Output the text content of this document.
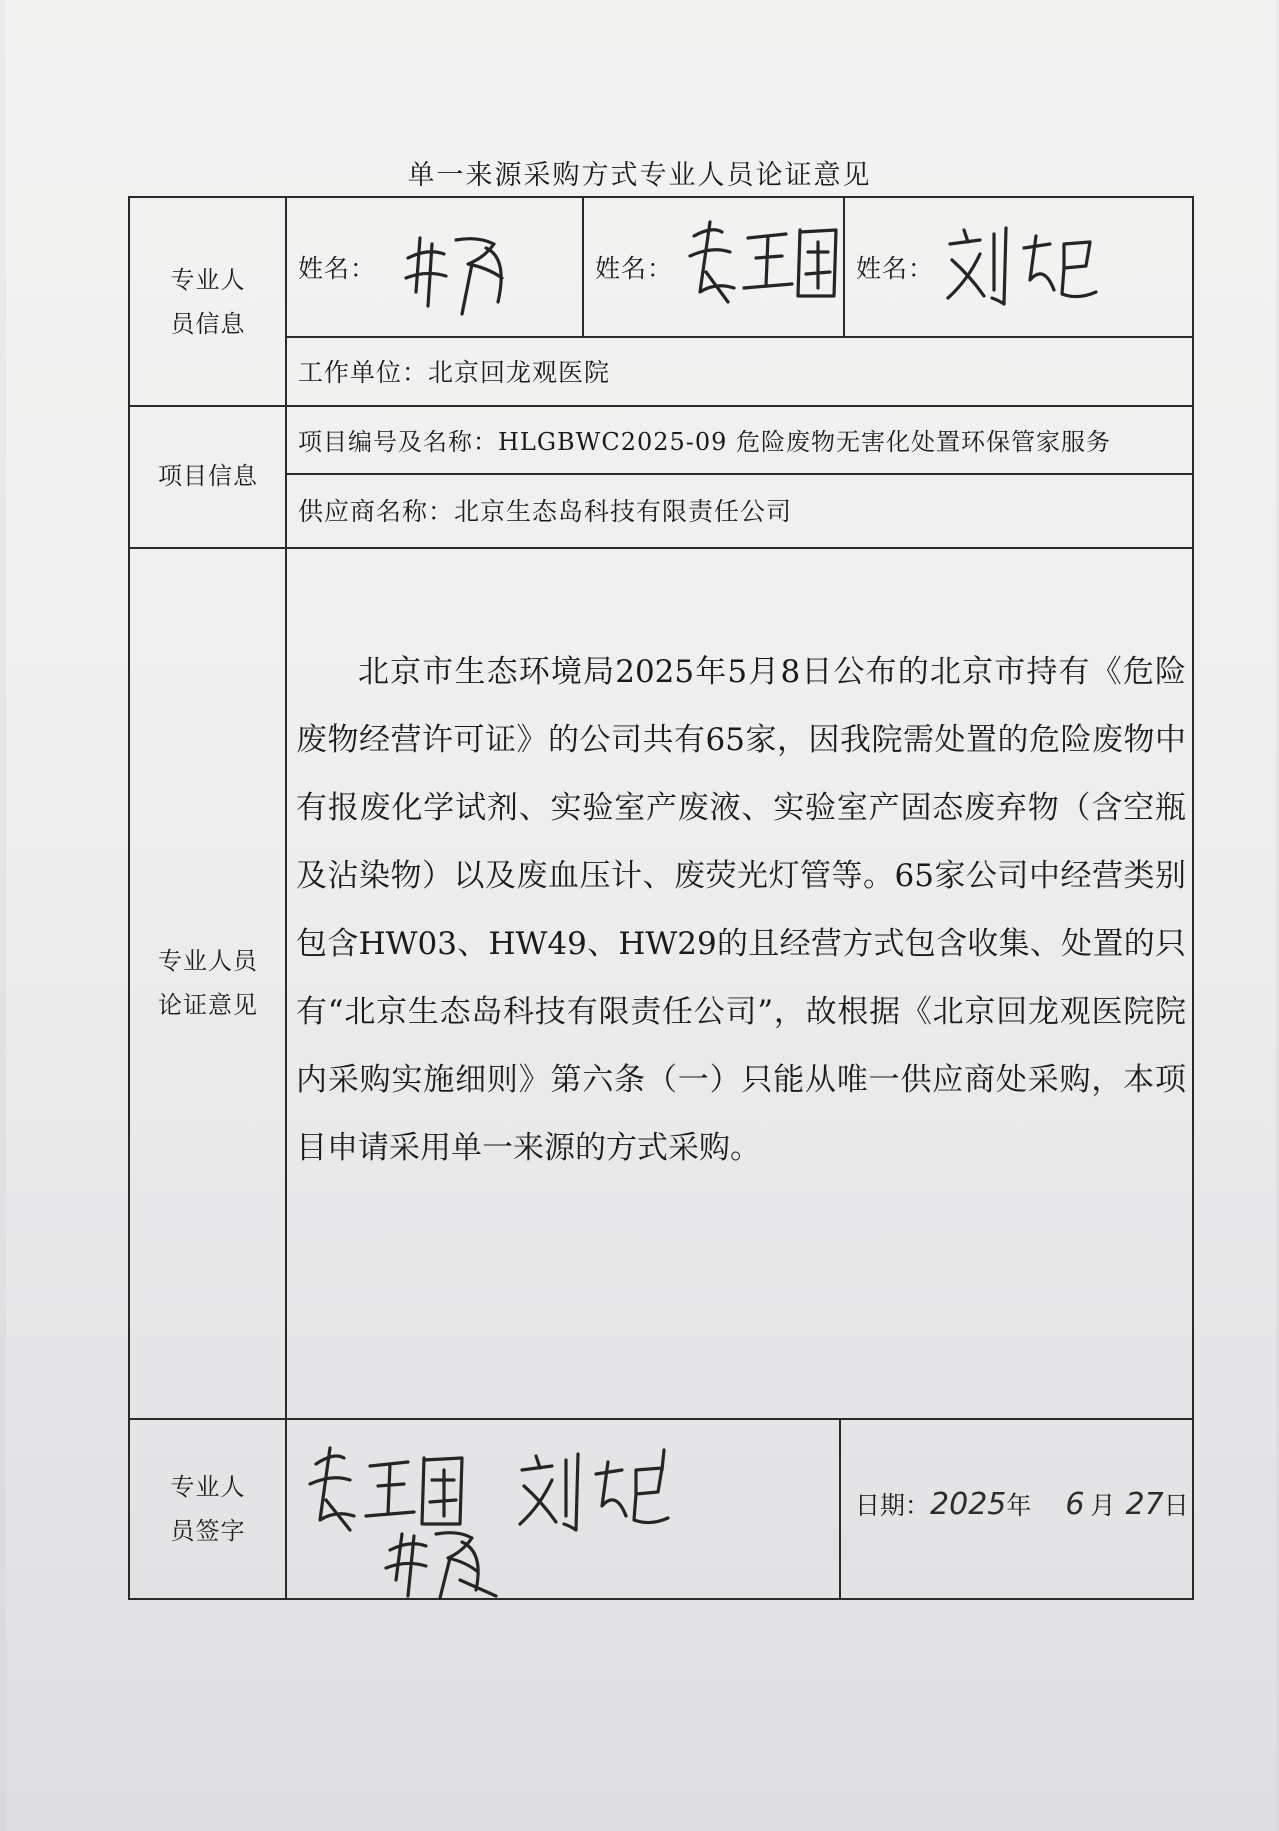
单一来源采购方式专业人员论证意见
专业人员信息
项目信息
专业人员论证意见
专业人员签字
姓名：	姓名：	姓名：
工作单位：北京回龙观医院
项目编号及名称：HLGBWC2025-09 危险废物无害化处置环保管家服务
供应商名称：北京生态岛科技有限责任公司

北京市生态环境局2025年5月8日公布的北京市持有《危险废物经营许可证》的公司共有65家，因我院需处置的危险废物中有报废化学试剂、实验室产废液、实验室产固态废弃物（含空瓶及沾染物）以及废血压计、废荧光灯管等。65家公司中经营类别包含HW03、HW49、HW29的且经营方式包含收集、处置的只有“北京生态岛科技有限责任公司”，故根据《北京回龙观医院院内采购实施细则》第六条（一）只能从唯一供应商处采购，本项目申请采用单一来源的方式采购。

日期： 2025 年 6 月 27 日
